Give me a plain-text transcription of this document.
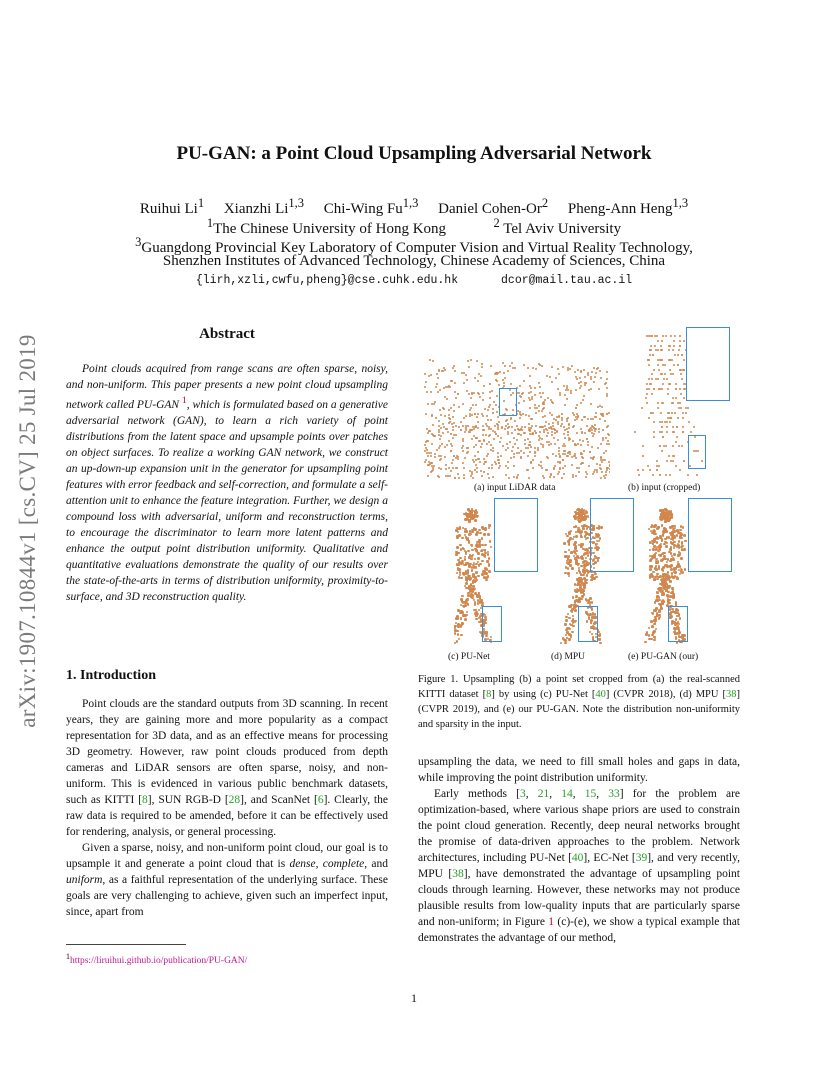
arXiv:1907.10844v1 [cs.CV] 25 Jul 2019
PU-GAN: a Point Cloud Upsampling Adversarial Network
Ruihui Li$^1$ Xianzhi Li$^{1,3}$ Chi-Wing Fu$^{1,3}$ Daniel Cohen-Or$^2$ Pheng-Ann Heng$^{1,3}$
$^1$The Chinese University of Hong Kong	$^2$ Tel Aviv University
$^3$Guangdong Provincial Key Laboratory of Computer Vision and Virtual Reality Technology,
Shenzhen Institutes of Advanced Technology, Chinese Academy of Sciences, China
{lirh,xzli,cwfu,pheng}@cse.cuhk.edu.hk	dcor@mail.tau.ac.il
Abstract
Point clouds acquired from range scans are often sparse, noisy, and non-uniform. This paper presents a new point cloud upsampling network called PU-GAN $^1$, which is formulated based on a generative adversarial network (GAN), to learn a rich variety of point distributions from the latent space and upsample points over patches on object surfaces. To realize a working GAN network, we construct an up-down-up expansion unit in the generator for upsampling point features with error feedback and self-correction, and formulate a self-attention unit to enhance the feature integration. Further, we design a compound loss with adversarial, uniform and reconstruction terms, to encourage the discriminator to learn more latent patterns and enhance the output point distribution uniformity. Qualitative and quantitative evaluations demonstrate the quality of our results over the state-of-the-arts in terms of distribution uniformity, proximity-to-surface, and 3D reconstruction quality.
1. Introduction

Point clouds are the standard outputs from 3D scanning. In recent years, they are gaining more and more popularity as a compact representation for 3D data, and as an effective means for processing 3D geometry. However, raw point clouds produced from depth cameras and LiDAR sensors are often sparse, noisy, and non-uniform. This is evidenced in various public benchmark datasets, such as KITTI [8], SUN RGB-D [28], and ScanNet [6]. Clearly, the raw data is required to be amended, before it can be effectively used for rendering, analysis, or general processing.

Given a sparse, noisy, and non-uniform point cloud, our goal is to upsample it and generate a point cloud that is dense, complete, and uniform, as a faithful representation of the underlying surface. These goals are very challenging to achieve, given such an imperfect input, since, apart from

$^1$https://liruihui.github.io/publication/PU-GAN/
(a) input LiDAR data	(b) input (cropped)
(c) PU-Net	(d) MPU	(e) PU-GAN (our)
Figure 1. Upsampling (b) a point set cropped from (a) the real-scanned KITTI dataset [8] by using (c) PU-Net [40] (CVPR 2018), (d) MPU [38] (CVPR 2019), and (e) our PU-GAN. Note the distribution non-uniformity and sparsity in the input.

upsampling the data, we need to fill small holes and gaps in data, while improving the point distribution uniformity.

Early methods [3, 21, 14, 15, 33] for the problem are optimization-based, where various shape priors are used to constrain the point cloud generation. Recently, deep neural networks brought the promise of data-driven approaches to the problem. Network architectures, including PU-Net [40], EC-Net [39], and very recently, MPU [38], have demonstrated the advantage of upsampling point clouds through learning. However, these networks may not produce plausible results from low-quality inputs that are particularly sparse and non-uniform; in Figure 1 (c)-(e), we show a typical example that demonstrates the advantage of our method,

1
